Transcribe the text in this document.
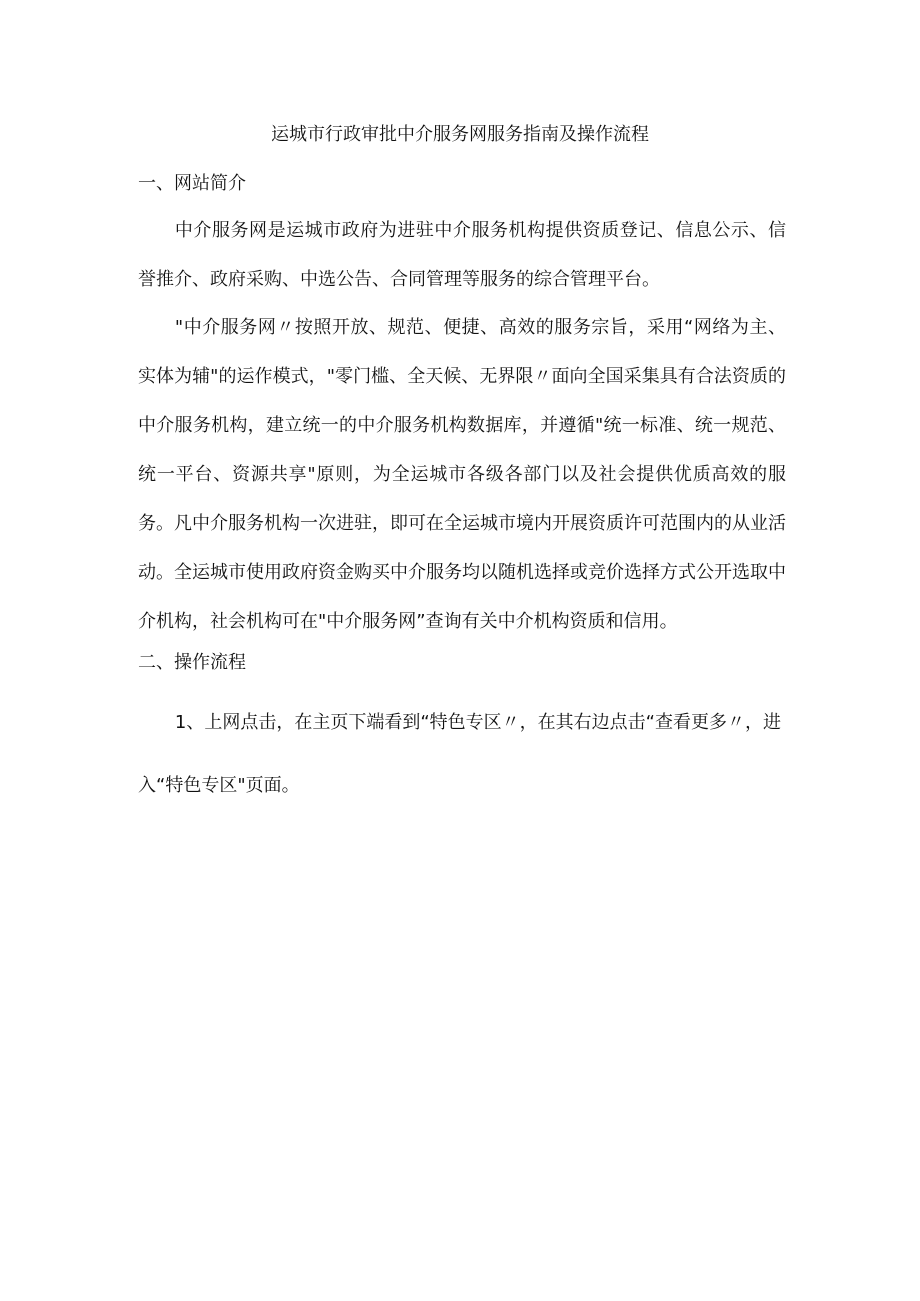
运城市行政审批中介服务网服务指南及操作流程
一、网站简介

中介服务网是运城市政府为进驻中介服务机构提供资质登记、信息公示、信誉推介、政府采购、中选公告、合同管理等服务的综合管理平台。

"中介服务网〃按照开放、规范、便捷、高效的服务宗旨，采用“网络为主、实体为辅"的运作模式，"零门槛、全天候、无界限〃面向全国采集具有合法资质的中介服务机构，建立统一的中介服务机构数据库，并遵循"统一标准、统一规范、统一平台、资源共享"原则，为全运城市各级各部门以及社会提供优质高效的服务。凡中介服务机构一次进驻，即可在全运城市境内开展资质许可范围内的从业活动。全运城市使用政府资金购买中介服务均以随机选择或竞价选择方式公开选取中介机构，社会机构可在"中介服务网”查询有关中介机构资质和信用。

二、操作流程

1、上网点击，在主页下端看到“特色专区〃，在其右边点击“查看更多〃，进入“特色专区"页面。
